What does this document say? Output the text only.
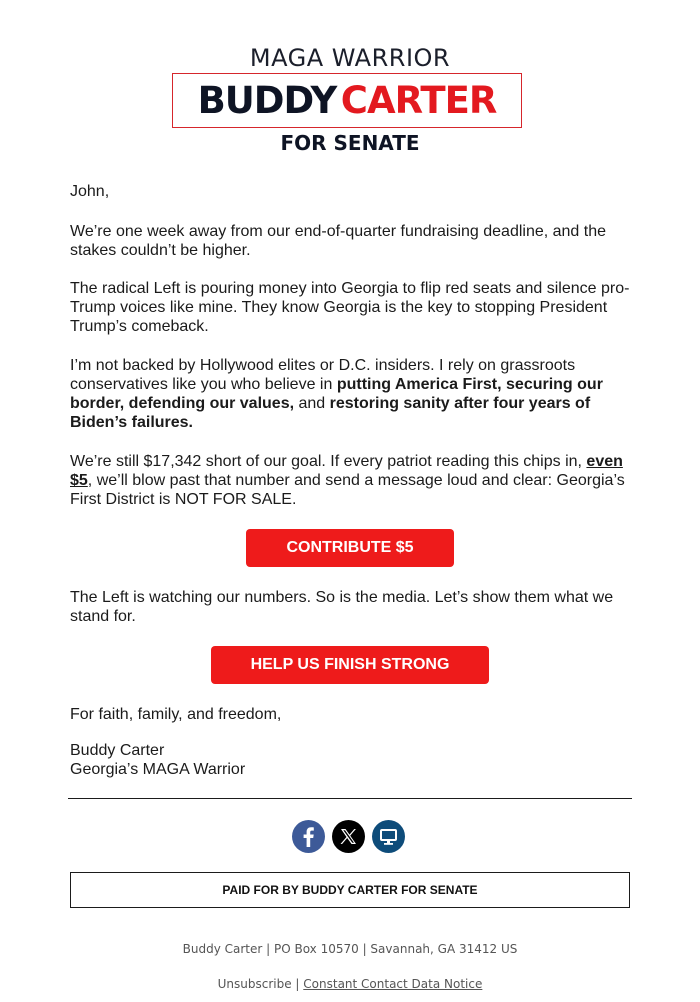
MAGA WARRIOR
BUDDY CARTER
FOR SENATE

John,

We’re one week away from our end-of-quarter fundraising deadline, and the stakes couldn’t be higher.

The radical Left is pouring money into Georgia to flip red seats and silence pro-Trump voices like mine. They know Georgia is the key to stopping President Trump’s comeback.

I’m not backed by Hollywood elites or D.C. insiders. I rely on grassroots conservatives like you who believe in putting America First, securing our border, defending our values, and restoring sanity after four years of Biden’s failures.

We’re still $17,342 short of our goal. If every patriot reading this chips in, even $5, we’ll blow past that number and send a message loud and clear: Georgia’s First District is NOT FOR SALE.

CONTRIBUTE $5

The Left is watching our numbers. So is the media. Let’s show them what we stand for.

HELP US FINISH STRONG

For faith, family, and freedom,

Buddy Carter
Georgia’s MAGA Warrior

PAID FOR BY BUDDY CARTER FOR SENATE
Buddy Carter | PO Box 10570 | Savannah, GA 31412 US
Unsubscribe | Constant Contact Data Notice
